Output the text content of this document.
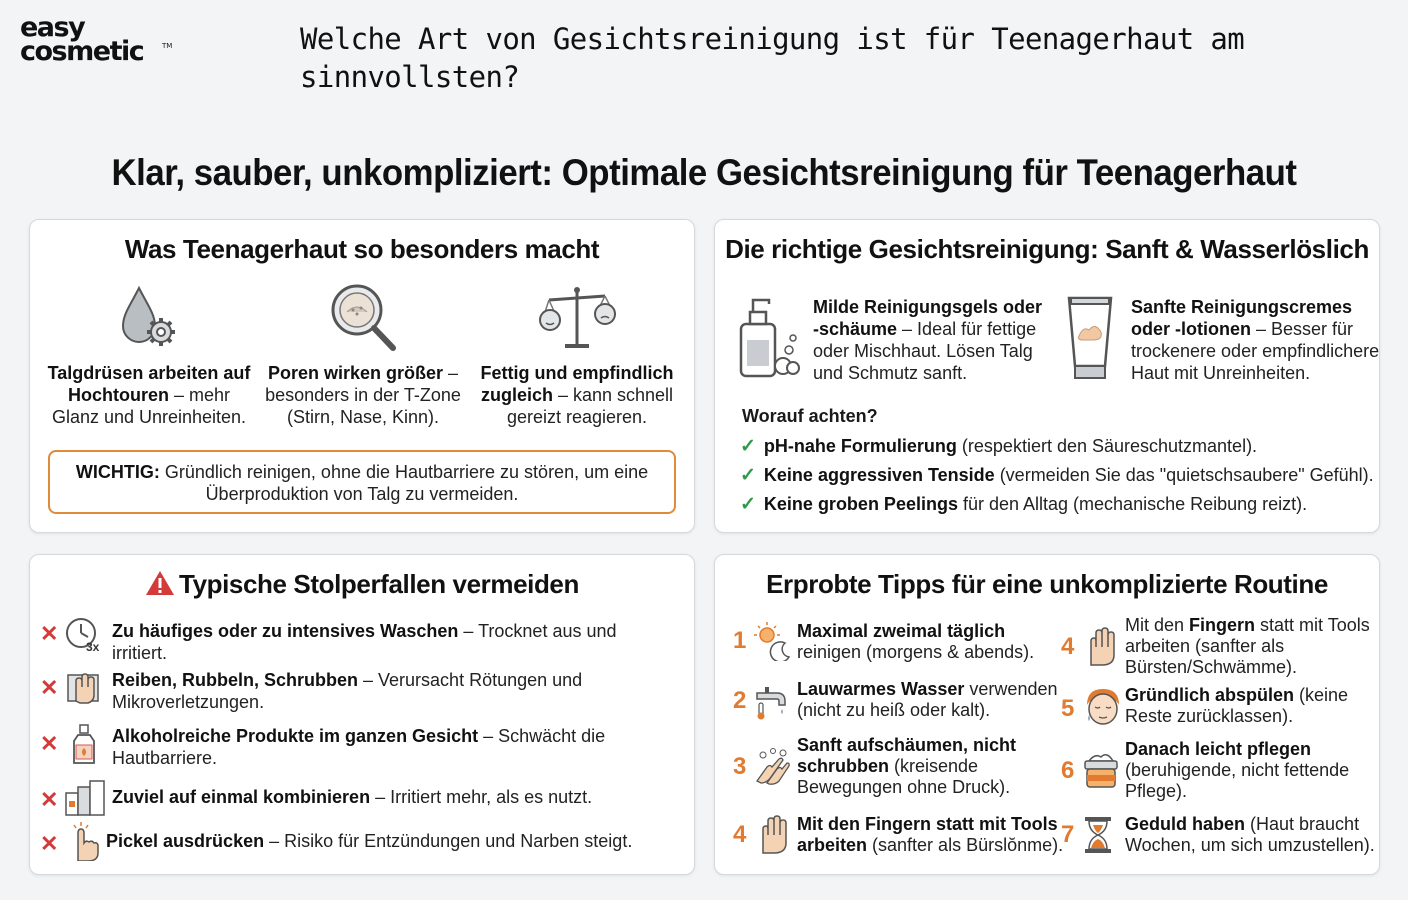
easy
cosmetic	TM	Welche Art von Gesichtsreinigung ist für Teenagerhaut am sinnvollsten?
Klar, sauber, unkompliziert: Optimale Gesichtsreinigung für Teenagerhaut
Was Teenagerhaut so besonders macht
Talgdrüsen arbeiten auf Hochtouren – mehr Glanz und Unreinheiten.
Poren wirken größer – besonders in der T-Zone (Stirn, Nase, Kinn).
Fettig und empfindlich zugleich – kann schnell gereizt reagieren.
WICHTIG: Gründlich reinigen, ohne die Hautbarriere zu stören, um eine Überproduktion von Talg zu vermeiden.
Die richtige Gesichtsreinigung: Sanft & Wasserlöslich
Milde Reinigungsgels oder -schäume – Ideal für fettige oder Mischhaut. Lösen Talg und Schmutz sanft.
Sanfte Reinigungscremes oder -lotionen – Besser für trockenere oder empfindlichere Haut mit Unreinheiten.
Worauf achten?
✓ pH-nahe Formulierung (respektiert den Säureschutzmantel).
✓ Keine aggressiven Tenside (vermeiden Sie das "quietschsaubere" Gefühl).
✓ Keine groben Peelings für den Alltag (mechanische Reibung reizt).
Typische Stolperfallen vermeiden
✕
3x
Zu häufiges oder zu intensives Waschen – Trocknet aus und irritiert.
✕	Reiben, Rubbeln, Schrubben – Verursacht Rötungen und Mikroverletzungen.
✕	Alkoholreiche Produkte im ganzen Gesicht – Schwächt die Hautbarriere.
✕	Zuviel auf einmal kombinieren – Irritiert mehr, als es nutzt.
✕	Pickel ausdrücken – Risiko für Entzündungen und Narben steigt.
Erprobte Tipps für eine unkomplizierte Routine
1	Maximal zweimal täglich reinigen (morgens & abends).
2	Lauwarmes Wasser verwenden (nicht zu heiß oder kalt).
3
Sanft aufschäumen, nicht schrubben (kreisende Bewegungen ohne Druck).
4	Mit den Fingern statt mit Tools arbeiten (sanfter als Bürslŏnme).
4
Mit den Fingern statt mit Tools arbeiten (sanfter als Bürsten/Schwämme).
5	Gründlich abspülen (keine Reste zurücklassen).
6
Danach leicht pflegen (beruhigende, nicht fettende Pflege).
7	Geduld haben (Haut braucht Wochen, um sich umzustellen).
